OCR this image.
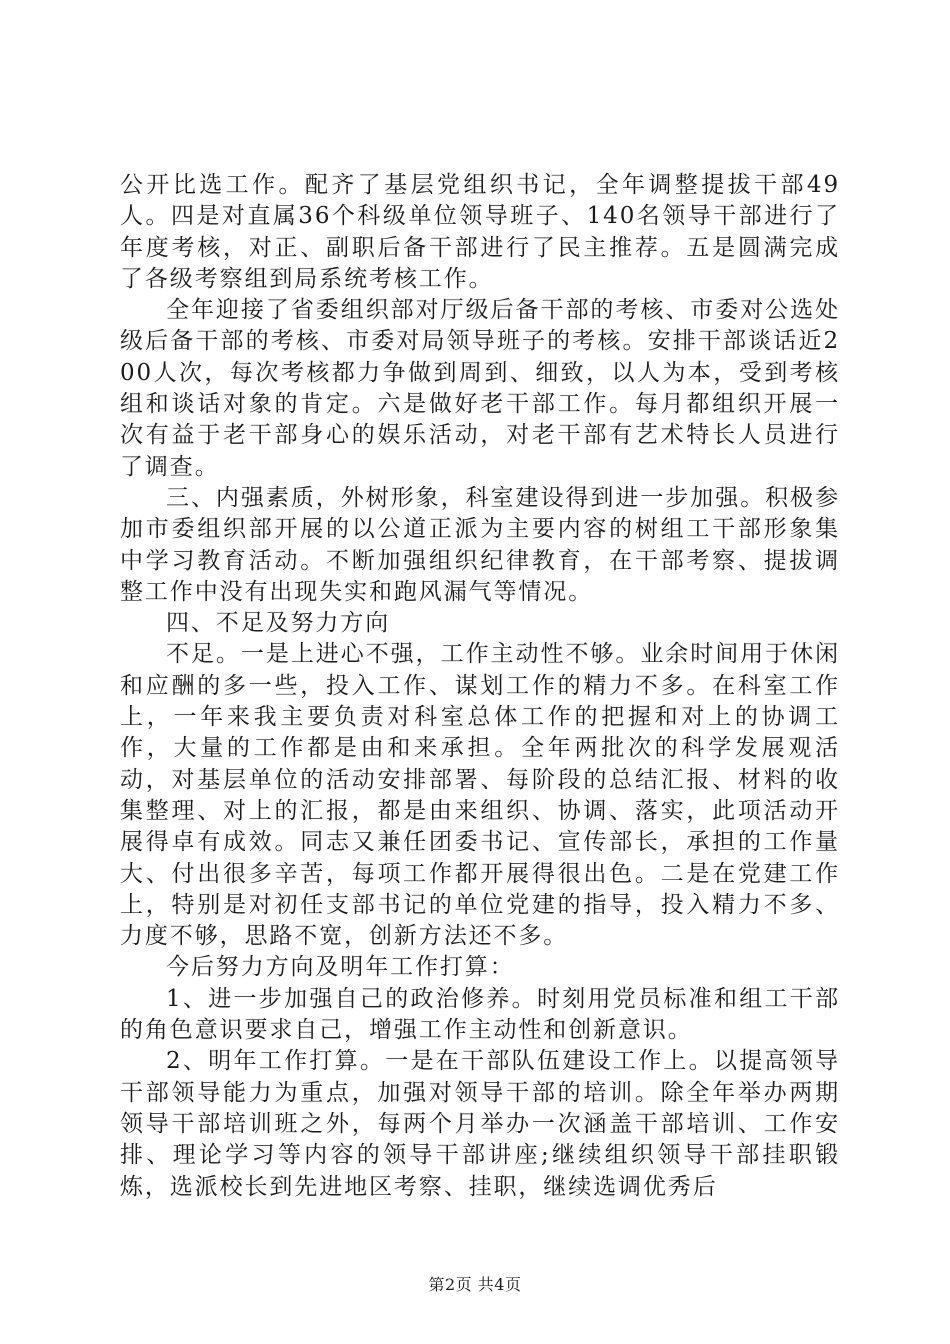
公开比选工作。配齐了基层党组织书记，全年调整提拔干部49人。四是对直属36个科级单位领导班子、140名领导干部进行了年度考核，对正、副职后备干部进行了民主推荐。五是圆满完成了各级考察组到局系统考核工作。

全年迎接了省委组织部对厅级后备干部的考核、市委对公选处级后备干部的考核、市委对局领导班子的考核。安排干部谈话近200人次，每次考核都力争做到周到、细致，以人为本，受到考核组和谈话对象的肯定。六是做好老干部工作。每月都组织开展一次有益于老干部身心的娱乐活动，对老干部有艺术特长人员进行了调查。

三、内强素质，外树形象，科室建设得到进一步加强。积极参加市委组织部开展的以公道正派为主要内容的树组工干部形象集中学习教育活动。不断加强组织纪律教育，在干部考察、提拔调整工作中没有出现失实和跑风漏气等情况。

四、不足及努力方向

不足。一是上进心不强，工作主动性不够。业余时间用于休闲和应酬的多一些，投入工作、谋划工作的精力不多。在科室工作上，一年来我主要负责对科室总体工作的把握和对上的协调工作，大量的工作都是由和来承担。全年两批次的科学发展观活动，对基层单位的活动安排部署、每阶段的总结汇报、材料的收集整理、对上的汇报，都是由来组织、协调、落实，此项活动开展得卓有成效。同志又兼任团委书记、宣传部长，承担的工作量大、付出很多辛苦，每项工作都开展得很出色。二是在党建工作上，特别是对初任支部书记的单位党建的指导，投入精力不多、力度不够，思路不宽，创新方法还不多。

今后努力方向及明年工作打算：

1、进一步加强自己的政治修养。时刻用党员标准和组工干部的角色意识要求自己，增强工作主动性和创新意识。

2、明年工作打算。一是在干部队伍建设工作上。以提高领导干部领导能力为重点，加强对领导干部的培训。除全年举办两期领导干部培训班之外，每两个月举办一次涵盖干部培训、工作安排、理论学习等内容的领导干部讲座;继续组织领导干部挂职锻炼，选派校长到先进地区考察、挂职，继续选调优秀后

第2页 共4页
